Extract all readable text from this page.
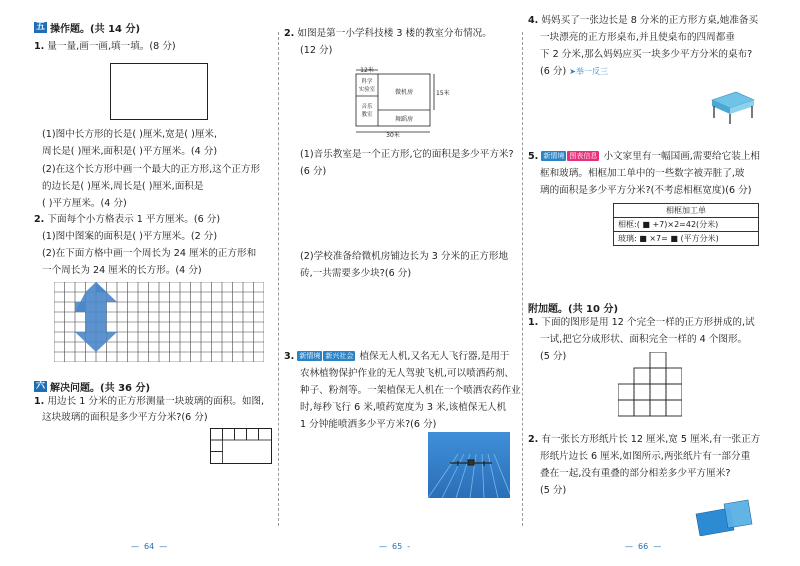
五 操作题。(共 14 分)
1. 量一量,画一画,填一填。(8 分)
(1)图中长方形的长是( )厘米,宽是( )厘米,
周长是( )厘米,面积是( )平方厘米。(4 分)
(2)在这个长方形中画一个最大的正方形,这个正方形
的边长是( )厘米,周长是( )厘米,面积是
( )平方厘米。(4 分)
2. 下面每个小方格表示 1 平方厘米。(6 分)
(1)图中图案的面积是( )平方厘米。(2 分)
(2)在下面方格中画一个周长为 24 厘米的正方形和
一个周长为 24 厘米的长方形。(4 分)
六 解决问题。(共 36 分)
1. 用边长 1 分米的正方形测量一块玻璃的面积。如图,
这块玻璃的面积是多少平方分米?(6 分)
— 64 —
2. 如图是第一小学科技楼 3 楼的教室分布情况。
(12 分)
12米
15米
30米
科学
实验室
音乐
教室
微机房
舞蹈房
(1)音乐教室是一个正方形,它的面积是多少平方米?
(6 分)
(2)学校准备给微机房铺边长为 3 分米的正方形地
砖,一共需要多少块?(6 分)
3. 新情境 新兴社会 植保无人机,又名无人飞行器,是用于
农林植物保护作业的无人驾驶飞机,可以喷洒药剂、
种子、粉剂等。一架植保无人机在一个喷洒农药作业
时,每秒飞行 6 米,喷药宽度为 3 米,该植保无人机
1 分钟能喷洒多少平方米?(6 分)
— 65 -
4. 妈妈买了一张边长是 8 分米的正方形方桌,她准备买
一块漂亮的正方形桌布,并且使桌布的四周都垂
下 2 分米,那么妈妈应买一块多少平方分米的桌布?
(6 分) ➤举一反三
5. 新情境 图表信息 小文家里有一幅国画,需要给它装上相
框和玻璃。相框加工单中的一些数字被弄脏了,玻
璃的面积是多少平方分米?(不考虑相框宽度)(6 分)
相框加工单
相框:( ■ +7)×2=42(分米)
玻璃: ■ ×7= ■ (平方分米)
附加题。(共 10 分)
1. 下面的图形是用 12 个完全一样的正方形拼成的,试
一试,把它分成形状、面积完全一样的 4 个图形。
(5 分)
2. 有一张长方形纸片长 12 厘米,宽 5 厘米,有一张正方
形纸片边长 6 厘米,如图所示,两张纸片有一部分重
叠在一起,没有重叠的部分相差多少平方厘米?
(5 分)
— 66 —
